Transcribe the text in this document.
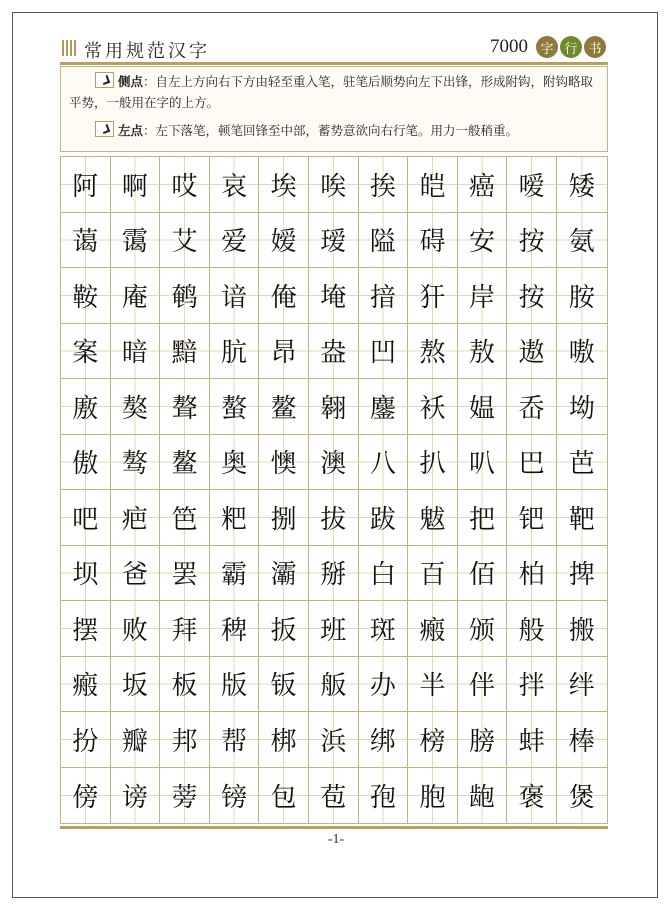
常用规范汉字	7000 字 行 书
侧点：自左上方向右下方由轻至重入笔，驻笔后顺势向左下出锋，形成附钩，附钩略取平势，一般用在字的上方。
左点：左下落笔，顿笔回锋至中部，蓄势意欲向右行笔。用力一般稍重。
阿 啊 哎 哀 埃 唉 挨 皑 癌 嗳 矮
蔼 霭 艾 爱 嫒 瑷 隘 碍 安 按 氨
鞍 庵 鹌 谙 俺 埯 揞 犴 岸 按 胺
案 暗 黯 肮 昂 盎 凹 熬 敖 遨 嗷
廒 獒 聱 螯 鳌 翱 鏖 袄 媪 岙 坳
傲 骜 鳌 奥 懊 澳 八 扒 叭 巴 芭
吧 疤 笆 粑 捌 拔 跋 魃 把 钯 靶
坝 爸 罢 霸 灞 掰 白 百 佰 柏 捭
摆 败 拜 稗 扳 班 斑 瘢 颁 般 搬
瘢 坂 板 版 钣 舨 办 半 伴 拌 绊
扮 瓣 邦 帮 梆 浜 绑 榜 膀 蚌 棒
傍 谤 蒡 镑 包 苞 孢 胞 龅 褒 煲
-1-
